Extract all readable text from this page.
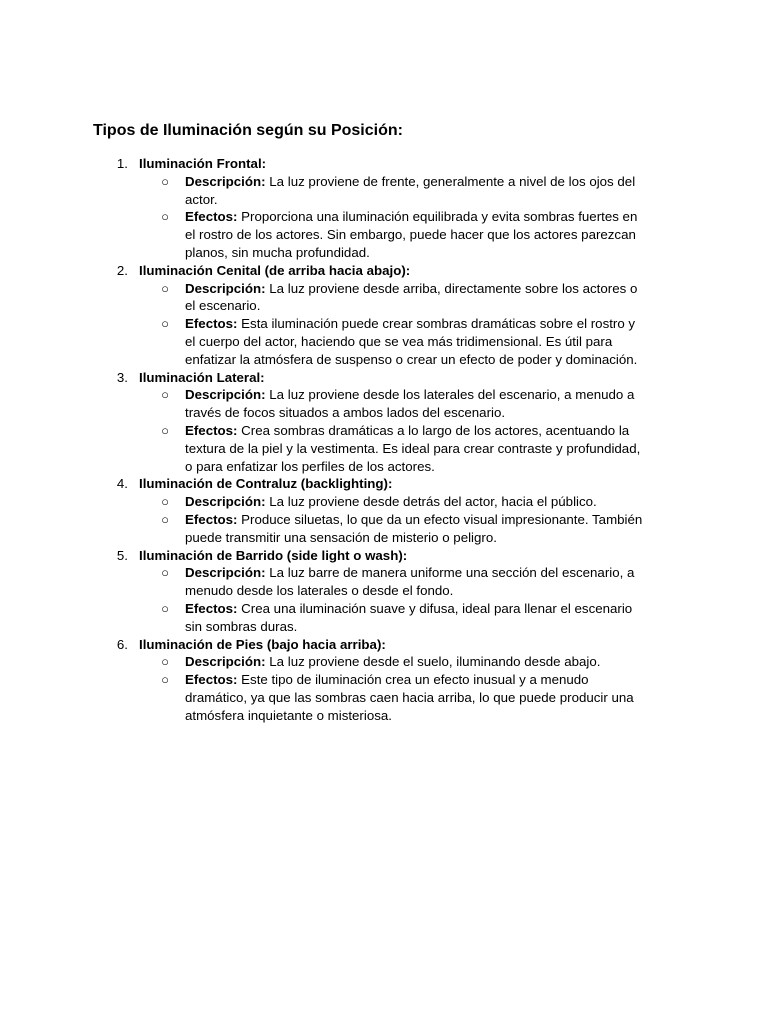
Tipos de Iluminación según su Posición:
1. Iluminación Frontal:
○ Descripción: La luz proviene de frente, generalmente a nivel de los ojos del
actor.
○ Efectos: Proporciona una iluminación equilibrada y evita sombras fuertes en
el rostro de los actores. Sin embargo, puede hacer que los actores parezcan
planos, sin mucha profundidad.
2. Iluminación Cenital (de arriba hacia abajo):
○ Descripción: La luz proviene desde arriba, directamente sobre los actores o
el escenario.
○ Efectos: Esta iluminación puede crear sombras dramáticas sobre el rostro y
el cuerpo del actor, haciendo que se vea más tridimensional. Es útil para
enfatizar la atmósfera de suspenso o crear un efecto de poder y dominación.
3. Iluminación Lateral:
○ Descripción: La luz proviene desde los laterales del escenario, a menudo a
través de focos situados a ambos lados del escenario.
○ Efectos: Crea sombras dramáticas a lo largo de los actores, acentuando la
textura de la piel y la vestimenta. Es ideal para crear contraste y profundidad,
o para enfatizar los perfiles de los actores.
4. Iluminación de Contraluz (backlighting):
○ Descripción: La luz proviene desde detrás del actor, hacia el público.
○ Efectos: Produce siluetas, lo que da un efecto visual impresionante. También
puede transmitir una sensación de misterio o peligro.
5. Iluminación de Barrido (side light o wash):
○ Descripción: La luz barre de manera uniforme una sección del escenario, a
menudo desde los laterales o desde el fondo.
○ Efectos: Crea una iluminación suave y difusa, ideal para llenar el escenario
sin sombras duras.
6. Iluminación de Pies (bajo hacia arriba):
○ Descripción: La luz proviene desde el suelo, iluminando desde abajo.
○ Efectos: Este tipo de iluminación crea un efecto inusual y a menudo
dramático, ya que las sombras caen hacia arriba, lo que puede producir una
atmósfera inquietante o misteriosa.
